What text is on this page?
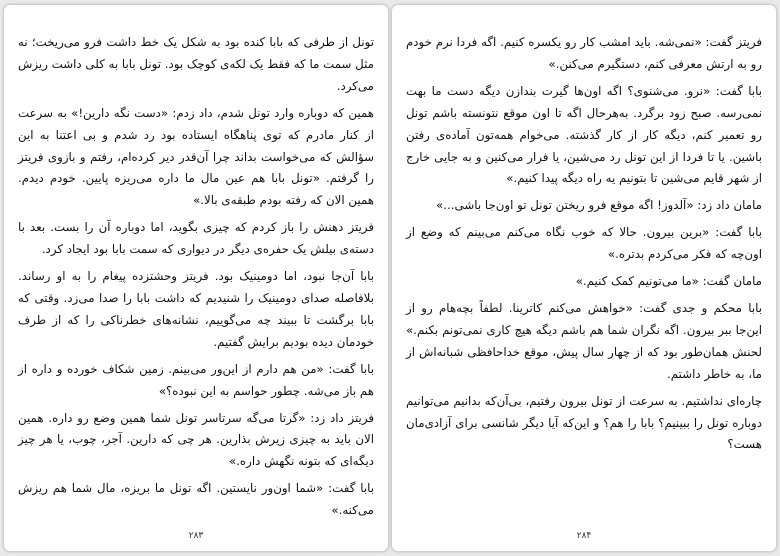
تونل از طرفی که بابا کنده بود به شکل یک خط داشت فرو می‌ریخت؛ نه مثل سمت ما که فقط یک لکه‌ی کوچک بود. تونل بابا به کلی داشت ریزش می‌کرد.

همین که دوباره وارد تونل شدم، داد زدم: «دست نگه دارین!» به سرعت از کنار مادرم که توی پناهگاه ایستاده بود رد شدم و بی اعتنا به این سؤالش که می‌خواست بداند چرا آن‌قدر دیر کرده‌ام، رفتم و بازوی فریتز را گرفتم. «تونل بابا هم عین مال ما داره می‌ریزه پایین. خودم دیدم. همین الان که رفته بودم طبقه‌ی بالا.»

فریتز دهنش را باز کردم که چیزی بگوید، اما دوباره آن را بست. بعد با دسته‌ی بیلش یک حفره‌ی دیگر در دیواری که سمت بابا بود ایجاد کرد.

بابا آن‌جا نبود، اما دومینیک بود. فریتز وحشتزده پیغام را به او رساند. بلافاصله صدای دومینیک را شنیدیم که داشت بابا را صدا می‌زد. وقتی که بابا برگشت تا ببیند چه می‌گوییم، نشانه‌های خطرناکی را که از طرف خودمان دیده بودیم برایش گفتیم.

بابا گفت: «من هم دارم از این‌ور می‌بینم. زمین شکاف خورده و داره از هم باز می‌شه. چطور حواسم به این نبوده؟»

فریتز داد زد: «گرتا می‌گه سرتاسر تونل شما همین وضع رو داره. همین الان باید به چیزی زیرش بذارین. هر چی که دارین. آجر، چوب، یا هر چیز دیگه‌ای که بتونه نگهش داره.»

بابا گفت: «شما اون‌ور نایستین. اگه تونل ما بریزه، مال شما هم ریزش می‌کنه.»

۲۸۳

فریتز گفت: «نمی‌شه. باید امشب کار رو یکسره کنیم. اگه فردا نرم خودم رو به ارتش معرفی کنم، دستگیرم می‌کنن.»

بابا گفت: «نرو. می‌شنوی؟ اگه اون‌ها گیرت بندازن دیگه دست ما بهت نمی‌رسه. صبح زود برگرد. به‌هرحال اگه تا اون موقع نتونسته باشم تونل رو تعمیر کنم، دیگه کار از کار گذشته. می‌خوام همه‌تون آماده‌ی رفتن باشین. یا تا فردا از این تونل رد می‌شین، یا فرار می‌کنین و به جایی خارج از شهر قایم می‌شین تا بتونیم یه راه دیگه پیدا کنیم.»

مامان داد زد: «آلدوز! اگه موقع فرو ریختن تونل تو اون‌جا باشی...»

بابا گفت: «برین بیرون. حالا که خوب نگاه می‌کنم می‌بینم که وضع از اون‌چه که فکر می‌کردم بدتره.»

مامان گفت: «ما می‌تونیم کمک کنیم.»

بابا محکم و جدی گفت: «خواهش می‌کنم کاترینا. لطفاً بچه‌هام رو از این‌جا ببر بیرون. اگه نگران شما هم باشم دیگه هیچ کاری نمی‌تونم بکنم.» لحنش همان‌طور بود که از چهار سال پیش، موقع خداحافظی شبانه‌اش از ما، به خاطر داشتم.

چاره‌ای نداشتیم. به سرعت از تونل بیرون رفتیم، بی‌آن‌که بدانیم می‌توانیم دوباره تونل را ببینیم؟ بابا را هم؟ و این‌که آیا دیگر شانسی برای آزادی‌مان هست؟

۲۸۴
